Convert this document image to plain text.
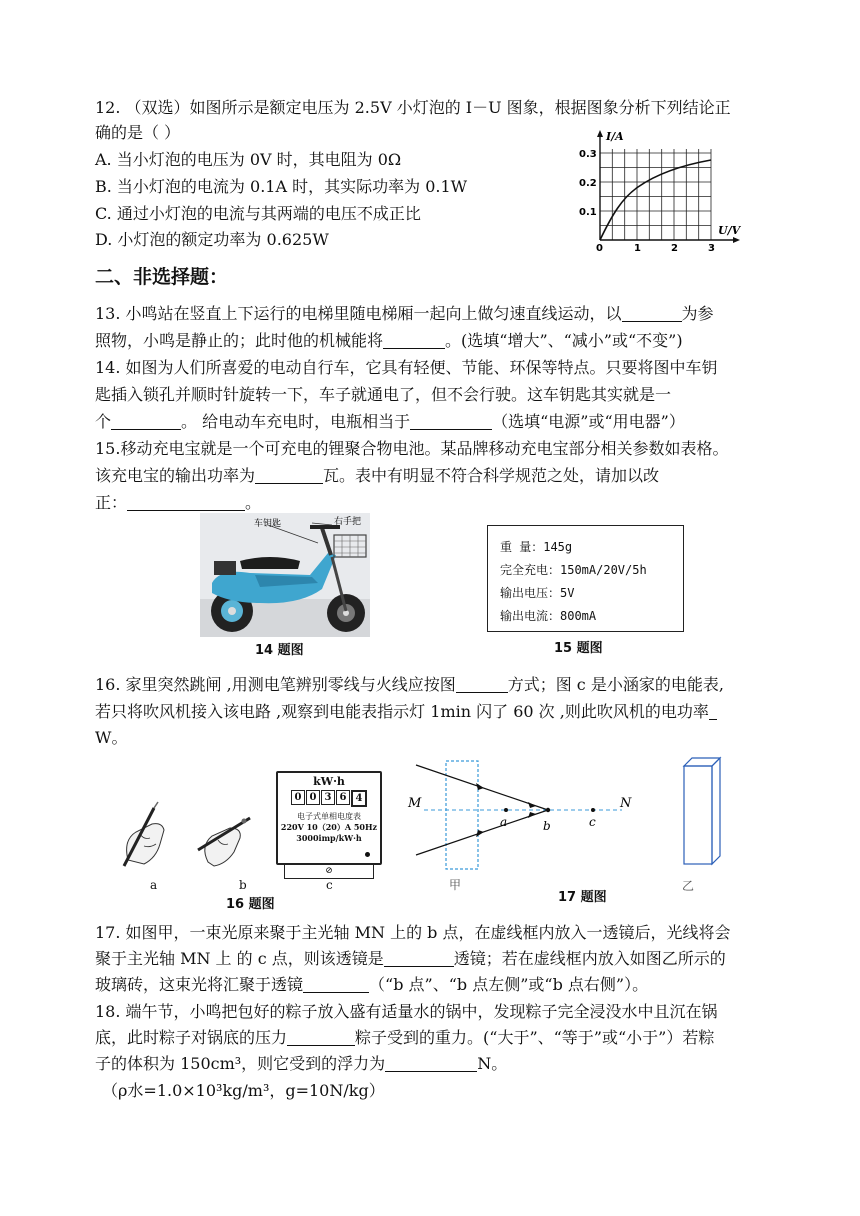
12. （双选）如图所示是额定电压为 2.5V 小灯泡的 I－U 图象，根据图象分析下列结论正
确的是（ ）
A. 当小灯泡的电压为 0V 时，其电阻为 0Ω
B. 当小灯泡的电流为 0.1A 时，其实际功率为 0.1W
C. 通过小灯泡的电流与其两端的电压不成正比
D. 小灯泡的额定功率为 0.625W
I/A
U/V
0.3
0.2
0.1
0	1	2	3
二、非选择题：
13. 小鸣站在竖直上下运行的电梯里随电梯厢一起向上做匀速直线运动，以	为参
照物，小鸣是静止的；此时他的机械能将	。(选填“增大”、“减小”或“不变”)
14. 如图为人们所喜爱的电动自行车，它具有轻便、节能、环保等特点。只要将图中车钥
匙插入锁孔并顺时针旋转一下，车子就通电了，但不会行驶。这车钥匙其实就是一
个	。 给电动车充电时，电瓶相当于	（选填“电源”或“用电器”）
15.移动充电宝就是一个可充电的锂聚合物电池。某品牌移动充电宝部分相关参数如表格。
该充电宝的输出功率为	瓦。表中有明显不符合科学规范之处，请加以改
正：	。
车钥匙	右手把
14 题图
重 量：145g
完全充电：150mA/20V/5h
输出电压：5V
输出电流：800mA
15 题图
16. 家里突然跳闸 ,用测电笔辨别零线与火线应按图	方式；图 c 是小涵家的电能表,
若只将吹风机接入该电路 ,观察到电能表指示灯 1min 闪了 60 次 ,则此吹风机的电功率
W。
a	b
kW·h
0 0 3 6 4
电子式单相电度表
220V 10（20）A 50Hz
3000imp/kW·h
⊘
c
16 题图
M	N
a	b	c
甲
17 题图
乙
17. 如图甲，一束光原来聚于主光轴 MN 上的 b 点，在虚线框内放入一透镜后，光线将会
聚于主光轴 MN 上 的 c 点，则该透镜是	透镜；若在虚线框内放入如图乙所示的
玻璃砖，这束光将汇聚于透镜	（“b 点”、“b 点左侧”或“b 点右侧”）。
18. 端午节，小鸣把包好的粽子放入盛有适量水的锅中，发现粽子完全浸没水中且沉在锅
底，此时粽子对锅底的压力	粽子受到的重力。(“大于”、“等于”或“小于”）若粽
子的体积为 150cm³，则它受到的浮力为	N。
（ρ水=1.0×10³kg/m³，g=10N/kg）
